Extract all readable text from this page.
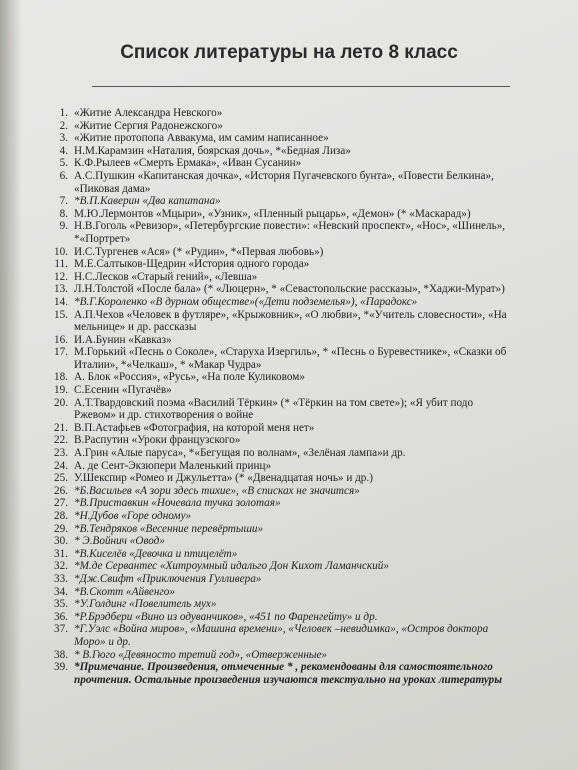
Список литературы на лето 8 класс
1. «Житие Александра Невского»
2. «Житие Сергия Радонежского»
3. «Житие протопопа Аввакума, им самим написанное»
4. Н.М.Карамзин «Наталия, боярская дочь», *«Бедная Лиза»
5. К.Ф.Рылеев «Смерть Ермака», «Иван Сусанин»
6. А.С.Пушкин «Капитанская дочка», «История Пугачевского бунта», «Повести Белкина», «Пиковая дама»
7. *В.П.Каверин «Два капитана»
8. М.Ю.Лермонтов «Мцыри», «Узник», «Пленный рыцарь», «Демон» (* «Маскарад»)
9. Н.В.Гоголь «Ревизор», «Петербургские повести»: «Невский проспект», «Нос», «Шинель», *«Портрет»
10. И.С.Тургенев «Ася» (* «Рудин», *«Первая любовь»)
11. М.Е.Салтыков-Щедрин «История одного города»
12. Н.С.Лесков «Старый гений», «Левша»
13. Л.Н.Толстой «После бала» (* «Люцерн», * «Севастопольские рассказы», *Хаджи-Мурат»)
14. *В.Г.Короленко «В дурном обществе»(«Дети подземелья»), «Парадокс»
15. А.П.Чехов «Человек в футляре», «Крыжовник», «О любви», *«Учитель словесности», «На мельнице» и др. рассказы
16. И.А.Бунин «Кавказ»
17. М.Горький «Песнь о Соколе», «Старуха Изергиль», * «Песнь о Буревестнике», «Сказки об Италии», *«Челкаш», * «Макар Чудра»
18. А. Блок «Россия», «Русь», «На поле Куликовом»
19. С.Есенин «Пугачёв»
20. А.Т.Твардовский поэма «Василий Тёркин» (* «Тёркин на том свете»); «Я убит подо Ржевом» и др. стихотворения о войне
21. В.П.Астафьев «Фотография, на которой меня нет»
22. В.Распутин «Уроки французского»
23. А.Грин «Алые паруса», *«Бегущая по волнам», «Зелёная лампа»и др.
24. А. де Сент-Экзюпери Маленький принц»
25. У.Шекспир «Ромео и Джульетта» (* «Двенадцатая ночь» и др.)
26. *Б.Васильев «А зори здесь тихие», «В списках не значится»
27. *В.Приставкин «Ночевала тучка золотая»
28. *Н.Дубов «Горе одному»
29. *В.Тендряков «Весенние перевёртыши»
30. * Э.Войнич «Овод»
31. *В.Киселёв «Девочка и птицелёт»
32. *М.де Сервантес «Хитроумный идальго Дон Кихот Ламанчский»
33. *Дж.Свифт «Приключения Гулливера»
34. *В.Скотт «Айвенго»
35. *У.Голдинг «Повелитель мух»
36. *Р.Брэдбери «Вино из одуванчиков», «451 по Фаренгейту» и др.
37. *Г.Уэлс «Война миров», «Машина времени», «Человек –невидимка», «Остров доктора Моро» и др.
38. * В.Гюго «Девяносто третий год», «Отверженные»
39. *Примечание. Произведения, отмеченные * , рекомендованы для самостоятельного прочтения. Остальные произведения изучаются текстуально на уроках литературы
